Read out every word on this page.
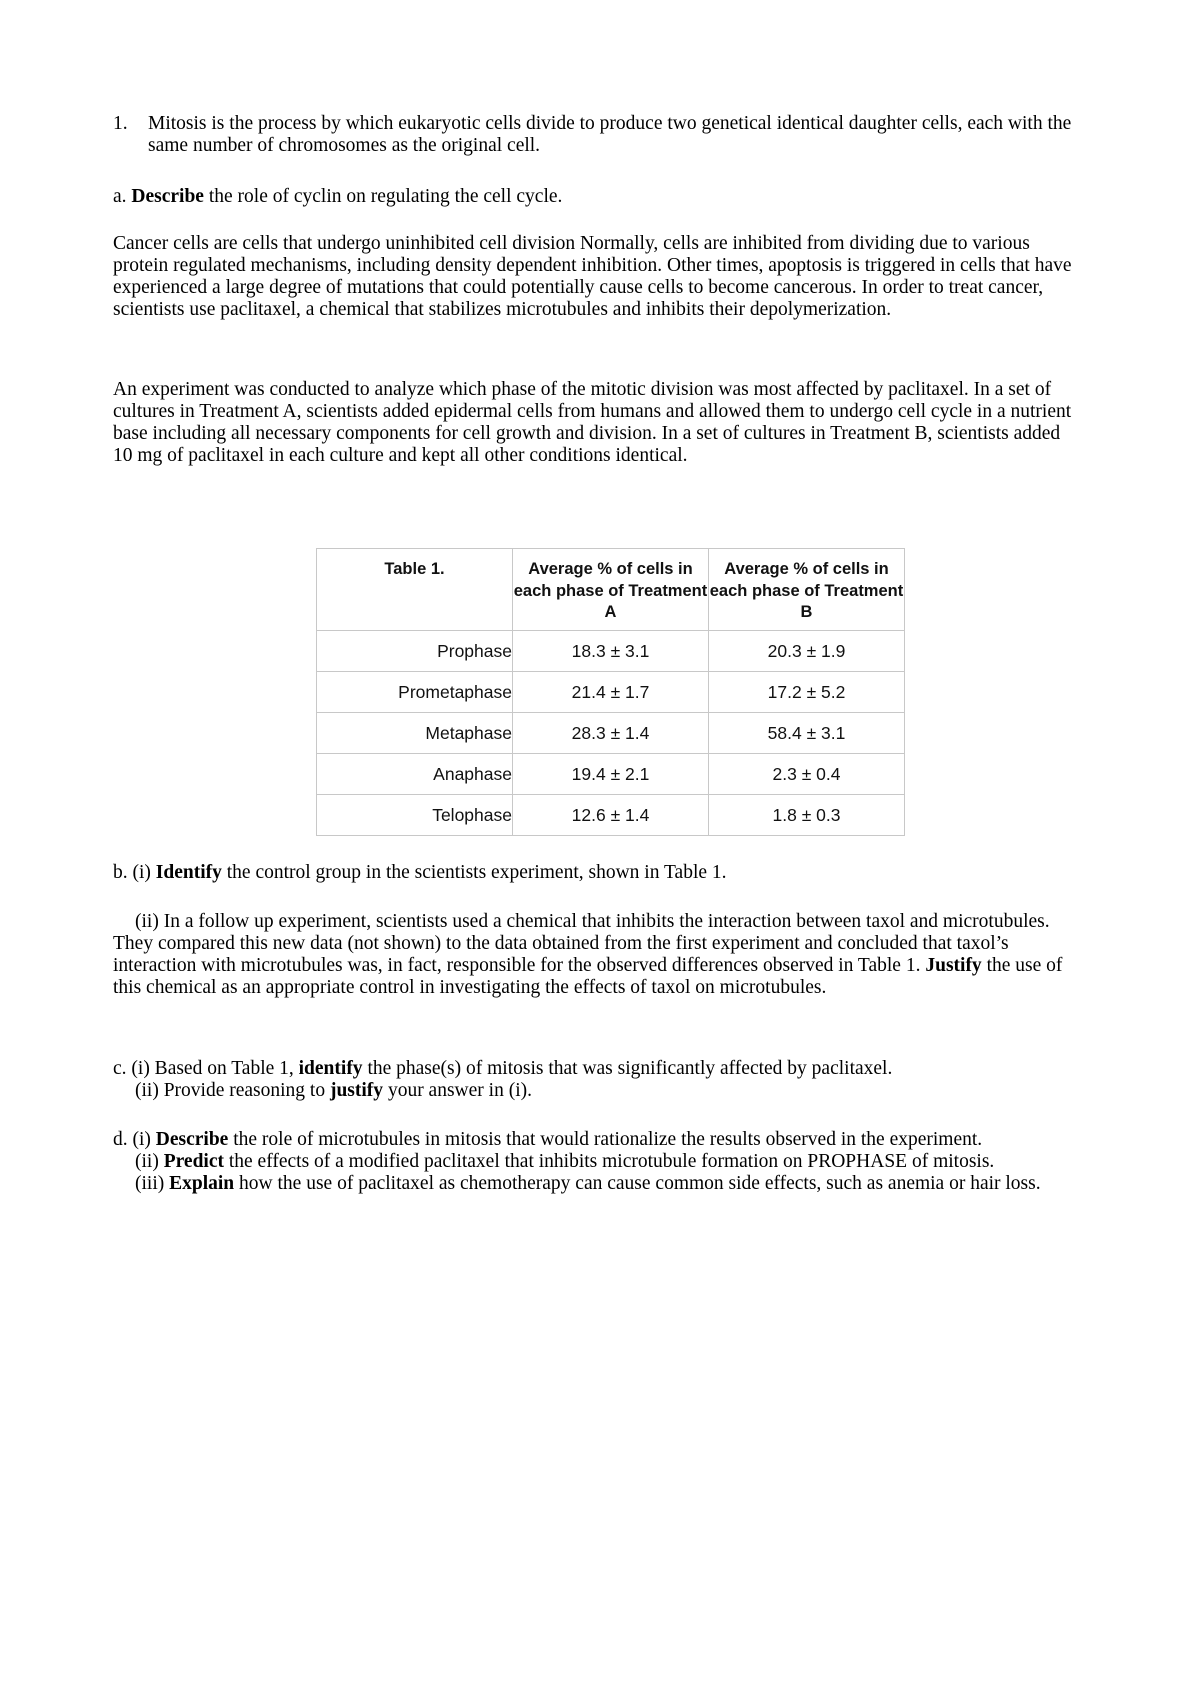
1. Mitosis is the process by which eukaryotic cells divide to produce two genetical identical daughter cells, each with the same number of chromosomes as the original cell.

a. Describe the role of cyclin on regulating the cell cycle.

Cancer cells are cells that undergo uninhibited cell division Normally, cells are inhibited from dividing due to various protein regulated mechanisms, including density dependent inhibition. Other times, apoptosis is triggered in cells that have experienced a large degree of mutations that could potentially cause cells to become cancerous. In order to treat cancer, scientists use paclitaxel, a chemical that stabilizes microtubules and inhibits their depolymerization.

An experiment was conducted to analyze which phase of the mitotic division was most affected by paclitaxel. In a set of cultures in Treatment A, scientists added epidermal cells from humans and allowed them to undergo cell cycle in a nutrient base including all necessary components for cell growth and division. In a set of cultures in Treatment B, scientists added 10 mg of paclitaxel in each culture and kept all other conditions identical.

Table 1.	Average % of cells in each phase of Treatment A	Average % of cells in each phase of Treatment B
Prophase	18.3 ± 3.1	20.3 ± 1.9
Prometaphase	21.4 ± 1.7	17.2 ± 5.2
Metaphase	28.3 ± 1.4	58.4 ± 3.1
Anaphase	19.4 ± 2.1	2.3 ± 0.4
Telophase	12.6 ± 1.4	1.8 ± 0.3

b. (i) Identify the control group in the scientists experiment, shown in Table 1.

(ii) In a follow up experiment, scientists used a chemical that inhibits the interaction between taxol and microtubules. They compared this new data (not shown) to the data obtained from the first experiment and concluded that taxol’s interaction with microtubules was, in fact, responsible for the observed differences observed in Table 1. Justify the use of this chemical as an appropriate control in investigating the effects of taxol on microtubules.

c. (i) Based on Table 1, identify the phase(s) of mitosis that was significantly affected by paclitaxel.
(ii) Provide reasoning to justify your answer in (i).
d. (i) Describe the role of microtubules in mitosis that would rationalize the results observed in the experiment.
(ii) Predict the effects of a modified paclitaxel that inhibits microtubule formation on PROPHASE of mitosis.
(iii) Explain how the use of paclitaxel as chemotherapy can cause common side effects, such as anemia or hair loss.
